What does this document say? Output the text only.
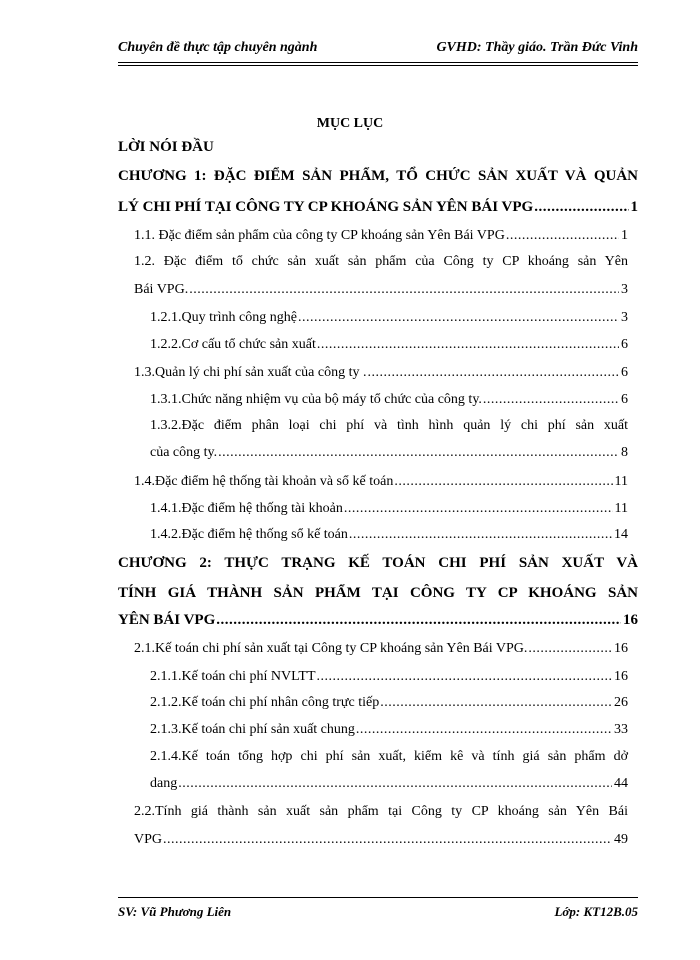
Chuyên đề thực tập chuyên ngành	GVHD: Thầy giáo. Trần Đức Vinh
MỤC LỤC
LỜI NÓI ĐẦU
CHƯƠNG 1: ĐẶC ĐIỂM SẢN PHẨM, TỔ CHỨC SẢN XUẤT VÀ QUẢN
LÝ CHI PHÍ TẠI CÔNG TY CP KHOÁNG SẢN YÊN BÁI VPG .....	1
1.1. Đặc điểm sản phẩm của công ty CP khoáng sản Yên Bái VPG .....	1
1.2. Đặc điểm tổ chức sản xuất sản phẩm của Công ty CP khoáng sản Yên
Bái VPG. .....	3
1.2.1.Quy trình công nghệ .....	3
1.2.2.Cơ cấu tổ chức sản xuất .....	6
1.3.Quản lý chi phí sản xuất của công ty . .....	6
1.3.1.Chức năng nhiệm vụ của bộ máy tổ chức của công ty. .....	6
1.3.2.Đặc điểm phân loại chi phí và tình hình quản lý chi phí sản xuất
của công ty. .....	8
1.4.Đặc điểm hệ thống tài khoản và sổ kế toán .....	11
1.4.1.Đặc điểm hệ thống tài khoản .....	11
1.4.2.Đặc điểm hệ thống sổ kế toán .....	14
CHƯƠNG 2: THỰC TRẠNG KẾ TOÁN CHI PHÍ SẢN XUẤT VÀ
TÍNH GIÁ THÀNH SẢN PHẨM TẠI CÔNG TY CP KHOÁNG SẢN
YÊN BÁI VPG .....	16
2.1.Kế toán chi phí sản xuất tại Công ty CP khoáng sản Yên Bái VPG. .....	16
2.1.1.Kế toán chi phí NVLTT .....	16
2.1.2.Kế toán chi phí nhân công trực tiếp .....	26
2.1.3.Kế toán chi phí sản xuất chung .....	33
2.1.4.Kế toán tổng hợp chi phí sản xuất, kiểm kê và tính giá sản phẩm dở
dang .....	44
2.2.Tính giá thành sản xuất sản phẩm tại Công ty CP khoáng sản Yên Bái
VPG .....	49
SV: Vũ Phương Liên	Lớp: KT12B.05
